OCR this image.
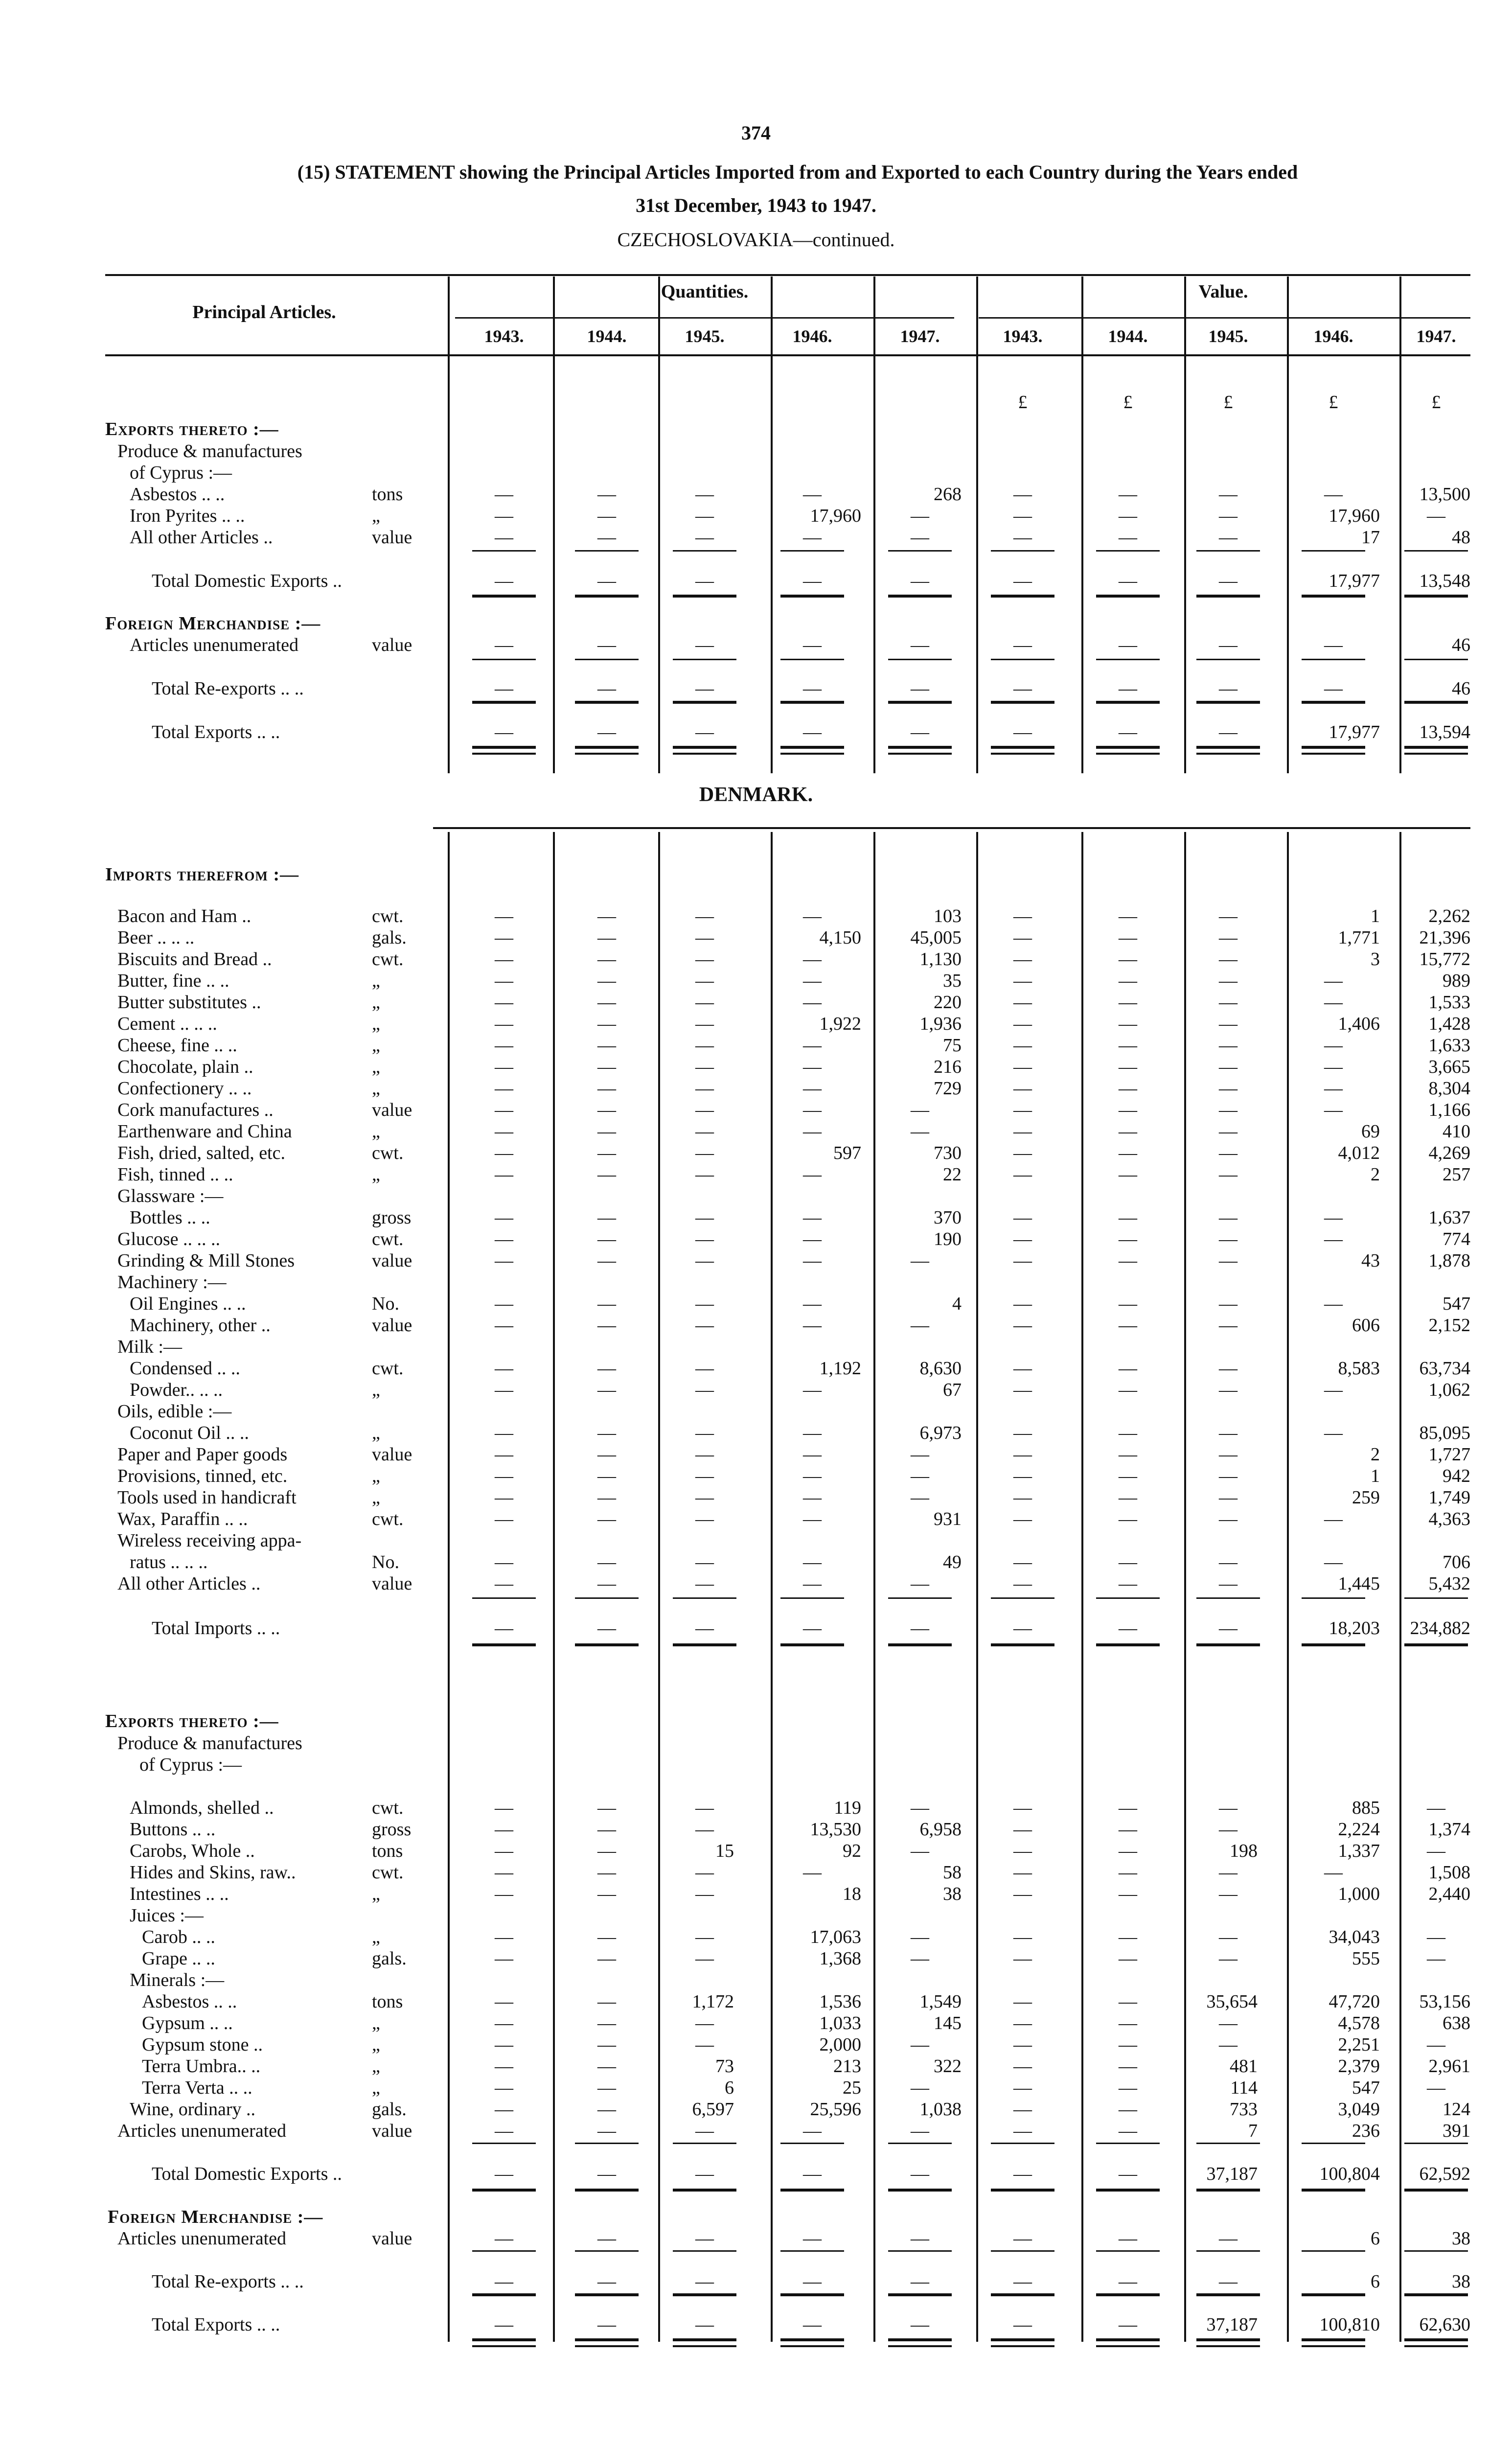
374
(15) STATEMENT showing the Principal Articles Imported from and Exported to each Country during the Years ended
31st December, 1943 to 1947.
CZECHOSLOVAKIA—continued.
Principal Articles.
Quantities.	Value.
1943.	1944.	1945.	1946.	1947.	1943.	1944.	1945.	1946.	1947.
£	£	£	£	£
DENMARK.
Exports thereto :—
Produce & manufactures
of Cyprus :—
Asbestos .. ..	tons	—	—	—	—	268	—	—	—	—	13,500
Iron Pyrites .. ..	„	—	—	—	17,960	—	—	—	—	17,960	—
All other Articles ..	value	—	—	—	—	—	—	—	—	17	48
Total Domestic Exports ..	—	—	—	—	—	—	—	—	17,977	13,548
Foreign Merchandise :—
Articles unenumerated	value	—	—	—	—	—	—	—	—	—	46
Total Re-exports .. ..	—	—	—	—	—	—	—	—	—	46
Total Exports .. ..	—	—	—	—	—	—	—	—	17,977	13,594
Imports therefrom :—
Bacon and Ham ..	cwt.	—	—	—	—	103	—	—	—	1	2,262
Beer .. .. ..	gals.	—	—	—	4,150	45,005	—	—	—	1,771	21,396
Biscuits and Bread ..	cwt.	—	—	—	—	1,130	—	—	—	3	15,772
Butter, fine .. ..	„	—	—	—	—	35	—	—	—	—	989
Butter substitutes ..	„	—	—	—	—	220	—	—	—	—	1,533
Cement .. .. ..	„	—	—	—	1,922	1,936	—	—	—	1,406	1,428
Cheese, fine .. ..	„	—	—	—	—	75	—	—	—	—	1,633
Chocolate, plain ..	„	—	—	—	—	216	—	—	—	—	3,665
Confectionery .. ..	„	—	—	—	—	729	—	—	—	—	8,304
Cork manufactures ..	value	—	—	—	—	—	—	—	—	—	1,166
Earthenware and China	„	—	—	—	—	—	—	—	—	69	410
Fish, dried, salted, etc.	cwt.	—	—	—	597	730	—	—	—	4,012	4,269
Fish, tinned .. ..	„	—	—	—	—	22	—	—	—	2	257
Glassware :—
Bottles .. ..	gross	—	—	—	—	370	—	—	—	—	1,637
Glucose .. .. ..	cwt.	—	—	—	—	190	—	—	—	—	774
Grinding & Mill Stones	value	—	—	—	—	—	—	—	—	43	1,878
Machinery :—
Oil Engines .. ..	No.	—	—	—	—	4	—	—	—	—	547
Machinery, other ..	value	—	—	—	—	—	—	—	—	606	2,152
Milk :—
Condensed .. ..	cwt.	—	—	—	1,192	8,630	—	—	—	8,583	63,734
Powder.. .. ..	„	—	—	—	—	67	—	—	—	—	1,062
Oils, edible :—
Coconut Oil .. ..	„	—	—	—	—	6,973	—	—	—	—	85,095
Paper and Paper goods	value	—	—	—	—	—	—	—	—	2	1,727
Provisions, tinned, etc.	„	—	—	—	—	—	—	—	—	1	942
Tools used in handicraft	„	—	—	—	—	—	—	—	—	259	1,749
Wax, Paraffin .. ..	cwt.	—	—	—	—	931	—	—	—	—	4,363
Wireless receiving appa-
ratus .. .. ..	No.	—	—	—	—	49	—	—	—	—	706
All other Articles ..	value	—	—	—	—	—	—	—	—	1,445	5,432
Total Imports .. ..	—	—	—	—	—	—	—	—	18,203	234,882
Exports thereto :—
Produce & manufactures
of Cyprus :—
Almonds, shelled ..	cwt.	—	—	—	119	—	—	—	—	885	—
Buttons .. ..	gross	—	—	—	13,530	6,958	—	—	—	2,224	1,374
Carobs, Whole ..	tons	—	—	15	92	—	—	—	198	1,337	—
Hides and Skins, raw..	cwt.	—	—	—	—	58	—	—	—	—	1,508
Intestines .. ..	„	—	—	—	18	38	—	—	—	1,000	2,440
Juices :—
Carob .. ..	„	—	—	—	17,063	—	—	—	—	34,043	—
Grape .. ..	gals.	—	—	—	1,368	—	—	—	—	555	—
Minerals :—
Asbestos .. ..	tons	—	—	1,172	1,536	1,549	—	—	35,654	47,720	53,156
Gypsum .. ..	„	—	—	—	1,033	145	—	—	—	4,578	638
Gypsum stone ..	„	—	—	—	2,000	—	—	—	—	2,251	—
Terra Umbra.. ..	„	—	—	73	213	322	—	—	481	2,379	2,961
Terra Verta .. ..	„	—	—	6	25	—	—	—	114	547	—
Wine, ordinary ..	gals.	—	—	6,597	25,596	1,038	—	—	733	3,049	124
Articles unenumerated	value	—	—	—	—	—	—	—	7	236	391
Total Domestic Exports ..	—	—	—	—	—	—	—	37,187	100,804	62,592
Foreign Merchandise :—
Articles unenumerated	value	—	—	—	—	—	—	—	—	6	38
Total Re-exports .. ..	—	—	—	—	—	—	—	—	6	38
Total Exports .. ..	—	—	—	—	—	—	—	37,187	100,810	62,630
